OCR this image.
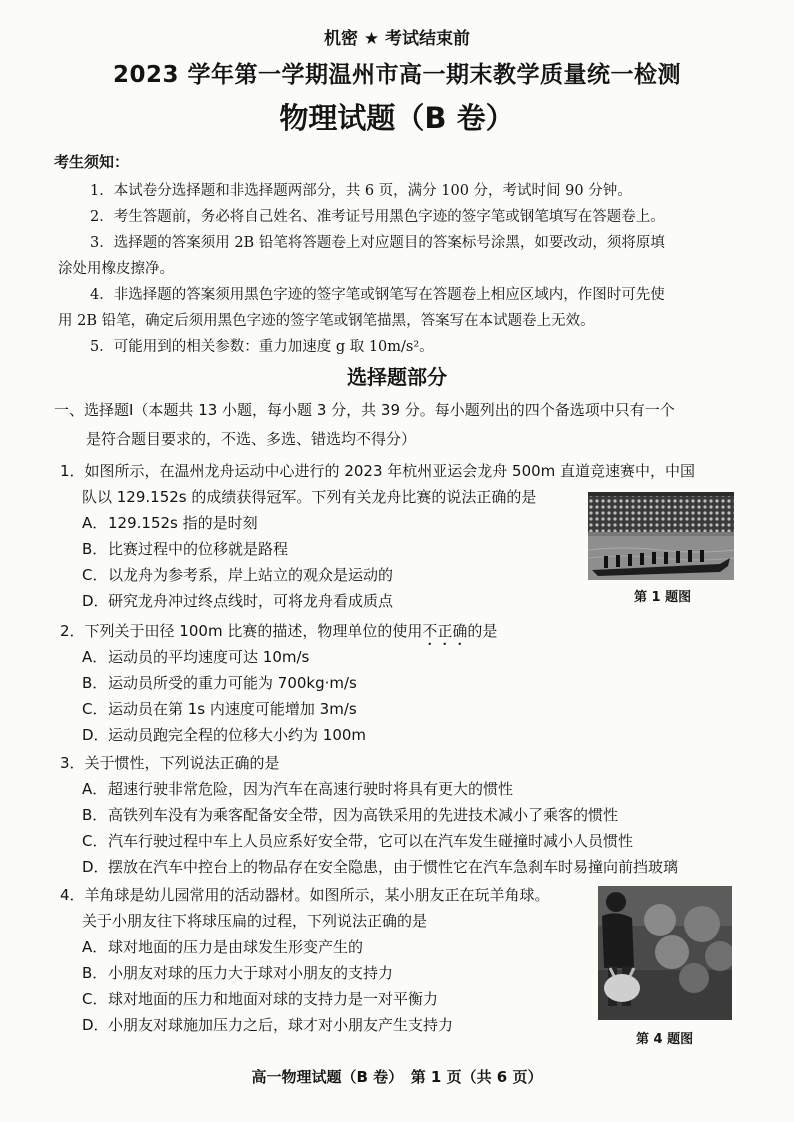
机密 ★ 考试结束前
2023 学年第一学期温州市高一期末教学质量统一检测
物理试题（B 卷）
考生须知：
1．本试卷分选择题和非选择题两部分，共 6 页，满分 100 分，考试时间 90 分钟。
2．考生答题前，务必将自己姓名、准考证号用黑色字迹的签字笔或钢笔填写在答题卷上。
3．选择题的答案须用 2B 铅笔将答题卷上对应题目的答案标号涂黑，如要改动，须将原填
涂处用橡皮擦净。
4．非选择题的答案须用黑色字迹的签字笔或钢笔写在答题卷上相应区域内，作图时可先使
用 2B 铅笔，确定后须用黑色字迹的签字笔或钢笔描黑，答案写在本试题卷上无效。
5．可能用到的相关参数：重力加速度 g 取 10m/s²。
选择题部分
一、选择题Ⅰ（本题共 13 小题，每小题 3 分，共 39 分。每小题列出的四个备选项中只有一个
是符合题目要求的，不选、多选、错选均不得分）
1．如图所示，在温州龙舟运动中心进行的 2023 年杭州亚运会龙舟 500m 直道竞速赛中，中国
队以 129.152s 的成绩获得冠军。下列有关龙舟比赛的说法正确的是
A．129.152s 指的是时刻
B．比赛过程中的位移就是路程
C．以龙舟为参考系，岸上站立的观众是运动的
D．研究龙舟冲过终点线时，可将龙舟看成质点	第 1 题图
2．下列关于田径 100m 比赛的描述，物理单位的使用不正确的是
A．运动员的平均速度可达 10m/s
B．运动员所受的重力可能为 700kg·m/s
C．运动员在第 1s 内速度可能增加 3m/s
D．运动员跑完全程的位移大小约为 100m
3．关于惯性，下列说法正确的是
A．超速行驶非常危险，因为汽车在高速行驶时将具有更大的惯性
B．高铁列车没有为乘客配备安全带，因为高铁采用的先进技术减小了乘客的惯性
C．汽车行驶过程中车上人员应系好安全带，它可以在汽车发生碰撞时减小人员惯性
D．摆放在汽车中控台上的物品存在安全隐患，由于惯性它在汽车急刹车时易撞向前挡玻璃
4．羊角球是幼儿园常用的活动器材。如图所示，某小朋友正在玩羊角球。
关于小朋友往下将球压扁的过程，下列说法正确的是
A．球对地面的压力是由球发生形变产生的
B．小朋友对球的压力大于球对小朋友的支持力
C．球对地面的压力和地面对球的支持力是一对平衡力
D．小朋友对球施加压力之后，球才对小朋友产生支持力
第 4 题图
高一物理试题（B 卷）　第 1 页（共 6 页）
